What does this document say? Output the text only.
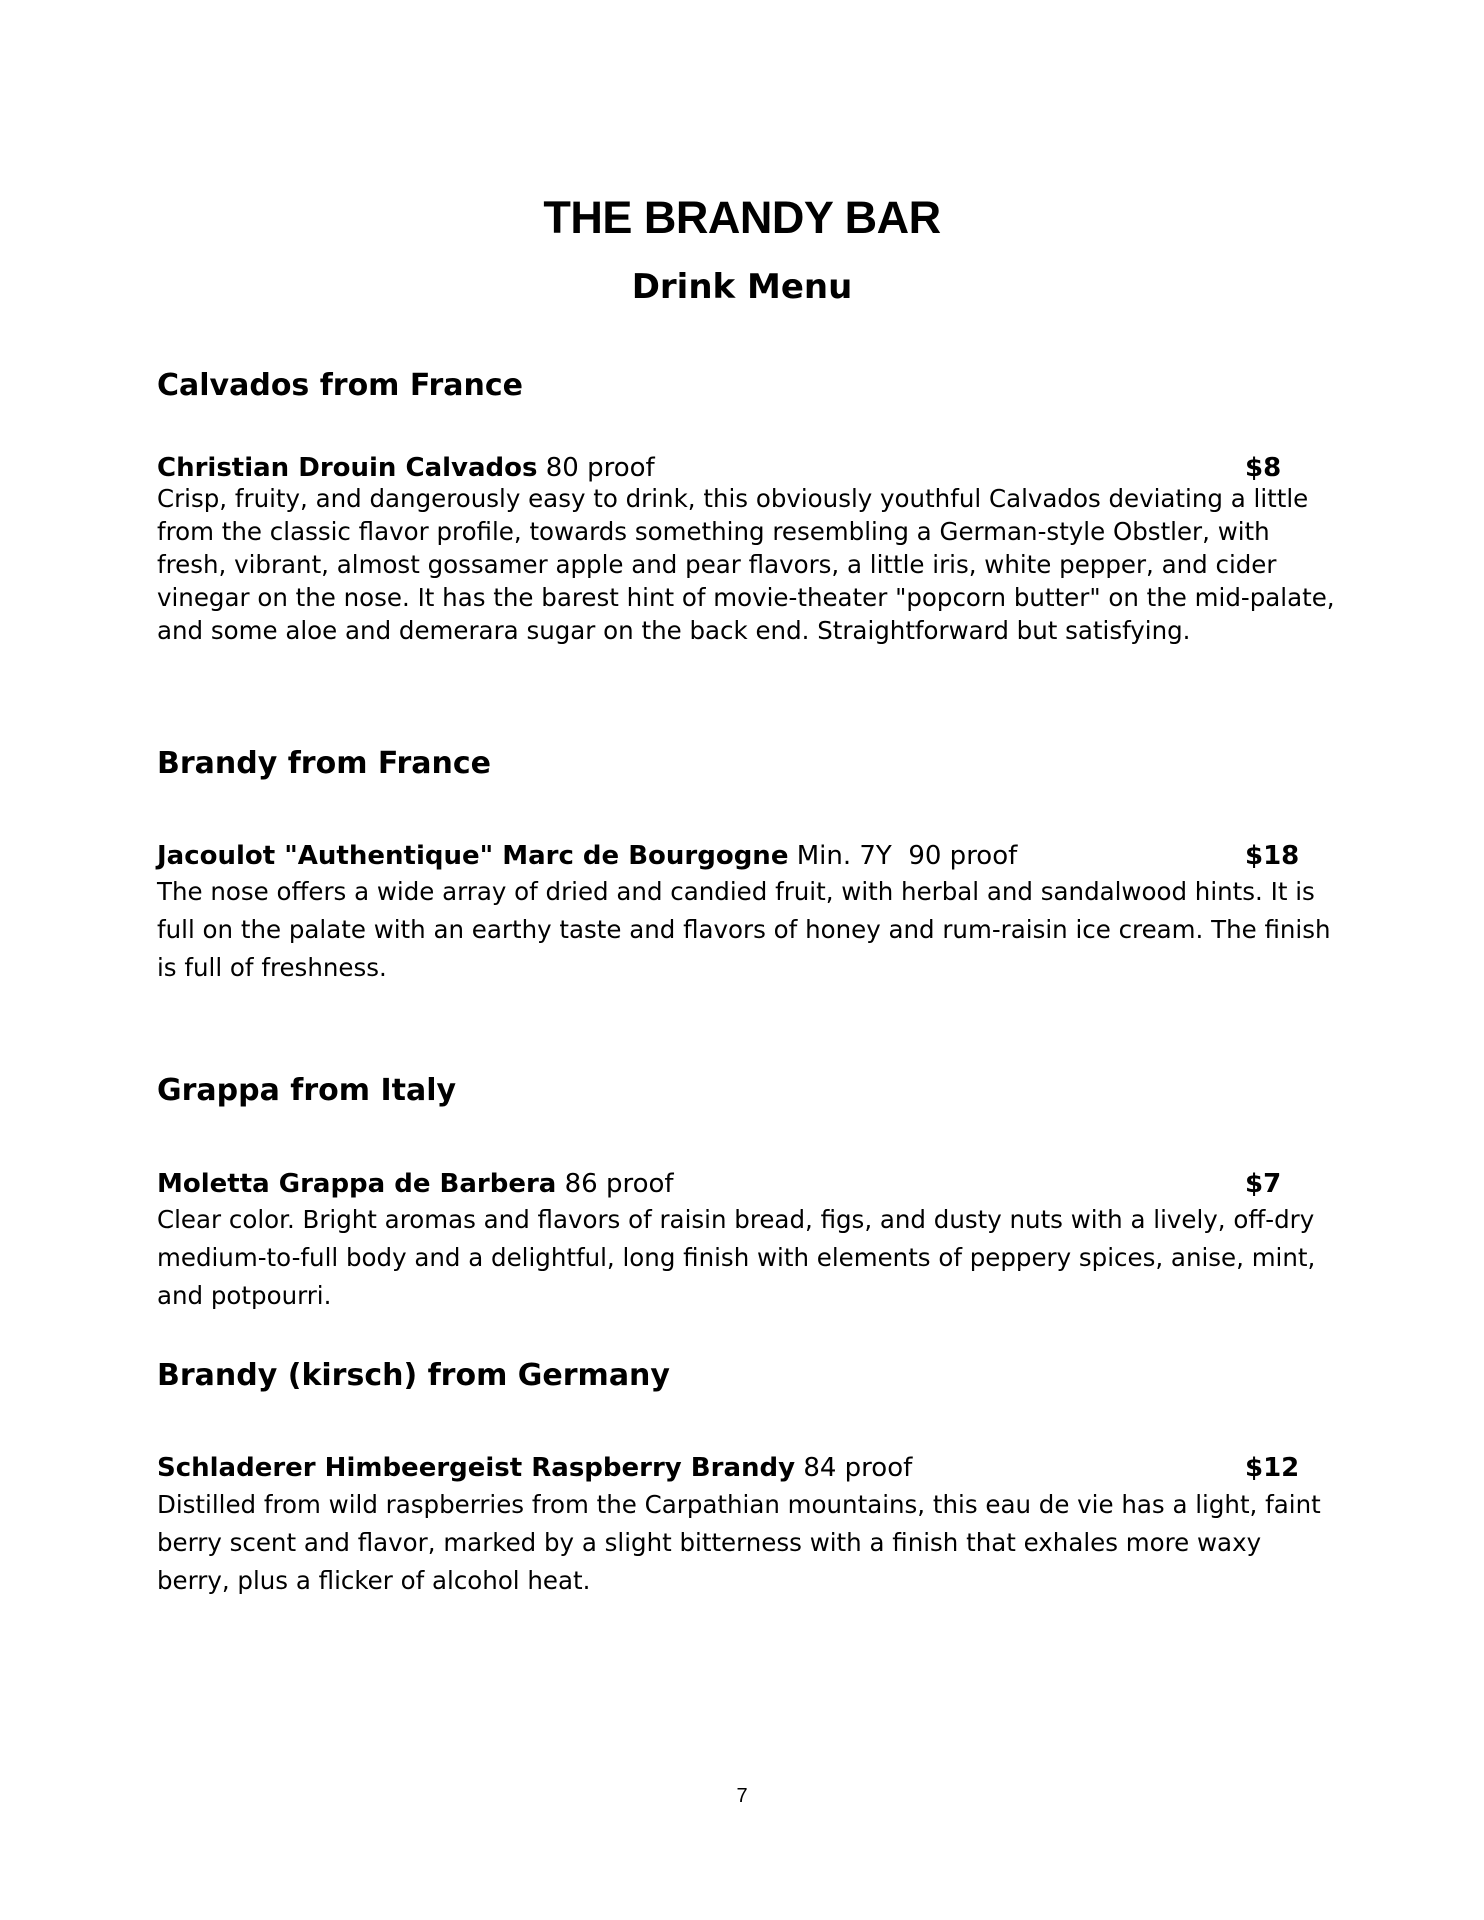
THE BRANDY BAR
Drink Menu
Calvados from France
Christian Drouin Calvados 80 proof	$8

Crisp, fruity, and dangerously easy to drink, this obviously youthful Calvados deviating a little from the classic flavor profile, towards something resembling a German-style Obstler, with fresh, vibrant, almost gossamer apple and pear flavors, a little iris, white pepper, and cider vinegar on the nose. It has the barest hint of movie-theater "popcorn butter" on the mid-palate, and some aloe and demerara sugar on the back end. Straightforward but satisfying.

Brandy from France
Jacoulot "Authentique" Marc de Bourgogne Min. 7Y  90 proof	$18

The nose offers a wide array of dried and candied fruit, with herbal and sandalwood hints. It is full on the palate with an earthy taste and flavors of honey and rum-raisin ice cream. The finish is full of freshness.

Grappa from Italy
Moletta Grappa de Barbera 86 proof	$7

Clear color. Bright aromas and flavors of raisin bread, figs, and dusty nuts with a lively, off-dry medium-to-full body and a delightful, long finish with elements of peppery spices, anise, mint, and potpourri.

Brandy (kirsch) from Germany
Schladerer Himbeergeist Raspberry Brandy 84 proof	$12

Distilled from wild raspberries from the Carpathian mountains, this eau de vie has a light, faint berry scent and flavor, marked by a slight bitterness with a finish that exhales more waxy berry, plus a flicker of alcohol heat.

7
